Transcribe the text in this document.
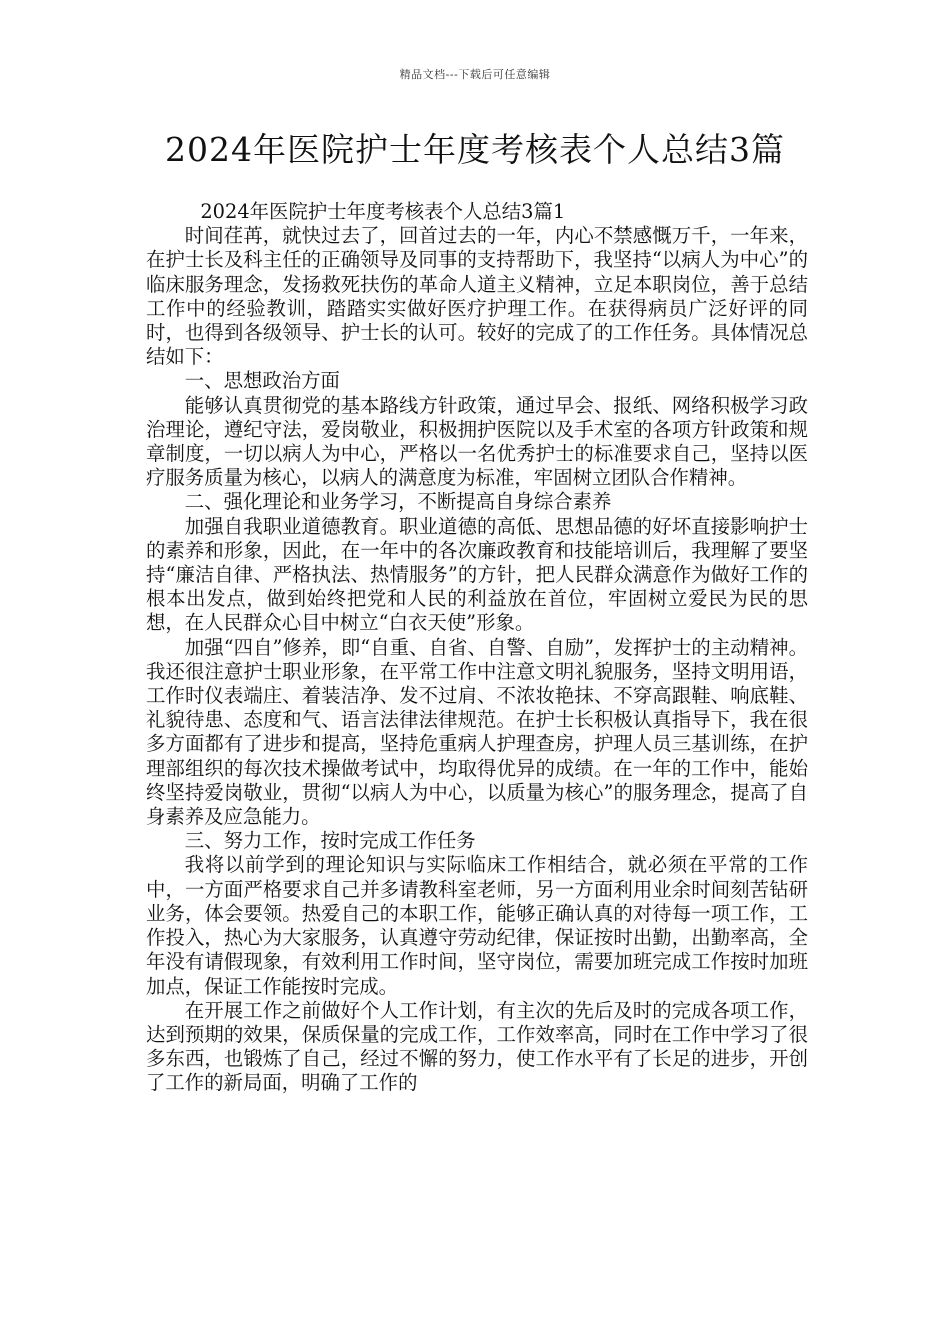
精品文档---下载后可任意编辑
2024年医院护士年度考核表个人总结3篇

2024年医院护士年度考核表个人总结3篇1

时间荏苒，就快过去了，回首过去的一年，内心不禁感慨万千，一年来，在护士长及科主任的正确领导及同事的支持帮助下，我坚持“以病人为中心”的临床服务理念，发扬救死扶伤的革命人道主义精神，立足本职岗位，善于总结工作中的经验教训，踏踏实实做好医疗护理工作。在获得病员广泛好评的同时，也得到各级领导、护士长的认可。较好的完成了的工作任务。具体情况总结如下：

一、思想政治方面

能够认真贯彻党的基本路线方针政策，通过早会、报纸、网络积极学习政治理论，遵纪守法，爱岗敬业，积极拥护医院以及手术室的各项方针政策和规章制度，一切以病人为中心，严格以一名优秀护士的标准要求自己，坚持以医疗服务质量为核心，以病人的满意度为标准，牢固树立团队合作精神。

二、强化理论和业务学习，不断提高自身综合素养

加强自我职业道德教育。职业道德的高低、思想品德的好坏直接影响护士的素养和形象，因此，在一年中的各次廉政教育和技能培训后，我理解了要坚持“廉洁自律、严格执法、热情服务”的方针，把人民群众满意作为做好工作的根本出发点，做到始终把党和人民的利益放在首位，牢固树立爱民为民的思想，在人民群众心目中树立“白衣天使”形象。

加强“四自”修养，即“自重、自省、自警、自励”，发挥护士的主动精神。我还很注意护士职业形象，在平常工作中注意文明礼貌服务，坚持文明用语，工作时仪表端庄、着装洁净、发不过肩、不浓妆艳抹、不穿高跟鞋、响底鞋、礼貌待患、态度和气、语言法律法律规范。在护士长积极认真指导下，我在很多方面都有了进步和提高，坚持危重病人护理查房，护理人员三基训练，在护理部组织的每次技术操做考试中，均取得优异的成绩。在一年的工作中，能始终坚持爱岗敬业，贯彻“以病人为中心，以质量为核心”的服务理念，提高了自身素养及应急能力。

三、努力工作，按时完成工作任务

我将以前学到的理论知识与实际临床工作相结合，就必须在平常的工作中，一方面严格要求自己并多请教科室老师，另一方面利用业余时间刻苦钻研业务，体会要领。热爱自己的本职工作，能够正确认真的对待每一项工作，工作投入，热心为大家服务，认真遵守劳动纪律，保证按时出勤，出勤率高，全年没有请假现象，有效利用工作时间，坚守岗位，需要加班完成工作按时加班加点，保证工作能按时完成。

在开展工作之前做好个人工作计划，有主次的先后及时的完成各项工作，达到预期的效果，保质保量的完成工作，工作效率高，同时在工作中学习了很多东西，也锻炼了自己，经过不懈的努力，使工作水平有了长足的进步，开创了工作的新局面，明确了工作的
